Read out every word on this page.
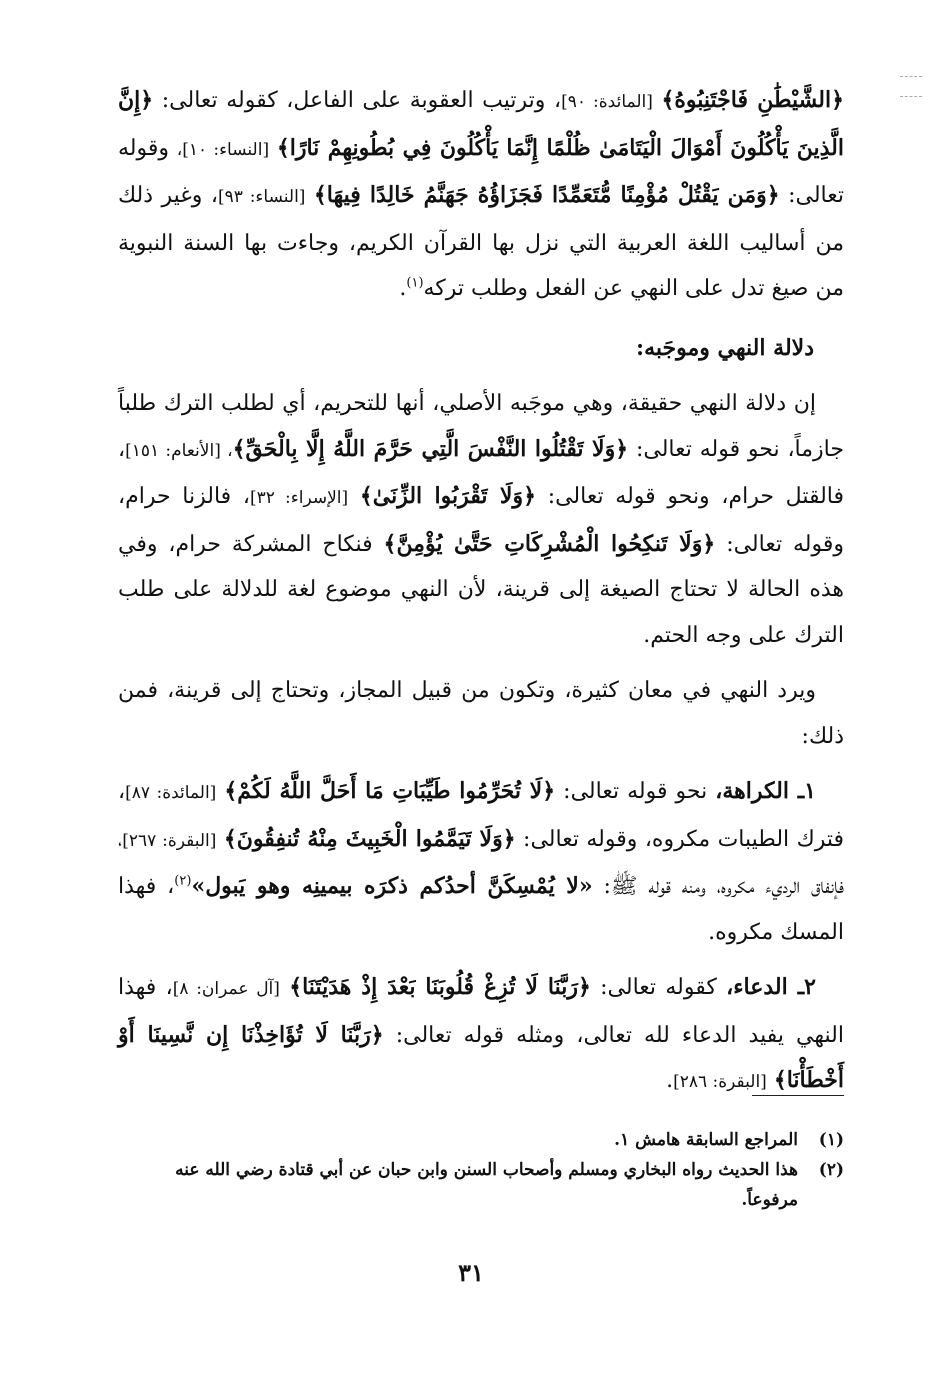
﴿الشَّيْطَٰنِ فَاجْتَنِبُوهُ﴾ [المائدة: ٩٠]، وترتيب العقوبة على الفاعل، كقوله تعالى: ﴿إِنَّ الَّذِينَ يَأْكُلُونَ أَمْوَالَ الْيَتَامَىٰ ظُلْمًا إِنَّمَا يَأْكُلُونَ فِي بُطُونِهِمْ نَارًا﴾ [النساء: ١٠]، وقوله تعالى: ﴿وَمَن يَقْتُلْ مُؤْمِنًا مُّتَعَمِّدًا فَجَزَاؤُهُ جَهَنَّمُ خَالِدًا فِيهَا﴾ [النساء: ٩٣]، وغير ذلك من أساليب اللغة العربية التي نزل بها القرآن الكريم، وجاءت بها السنة النبوية من صيغ تدل على النهي عن الفعل وطلب تركه$^{(١)}$.

دلالة النهي وموجَبه:

إن دلالة النهي حقيقة، وهي موجَبه الأصلي، أنها للتحريم، أي لطلب الترك طلباً جازماً، نحو قوله تعالى: ﴿وَلَا تَقْتُلُوا النَّفْسَ الَّتِي حَرَّمَ اللَّهُ إِلَّا بِالْحَقِّ﴾، [الأنعام: ١٥١]، فالقتل حرام، ونحو قوله تعالى: ﴿وَلَا تَقْرَبُوا الزِّنَىٰ﴾ [الإسراء: ٣٢]، فالزنا حرام، وقوله تعالى: ﴿وَلَا تَنكِحُوا الْمُشْرِكَاتِ حَتَّىٰ يُؤْمِنَّ﴾ فنكاح المشركة حرام، وفي هذه الحالة لا تحتاج الصيغة إلى قرينة، لأن النهي موضوع لغة للدلالة على طلب الترك على وجه الحتم.

ويرد النهي في معان كثيرة، وتكون من قبيل المجاز، وتحتاج إلى قرينة، فمن ذلك:

١ـ الكراهة، نحو قوله تعالى: ﴿لَا تُحَرِّمُوا طَيِّبَاتِ مَا أَحَلَّ اللَّهُ لَكُمْ﴾ [المائدة: ٨٧]، فترك الطيبات مكروه، وقوله تعالى: ﴿وَلَا تَيَمَّمُوا الْخَبِيثَ مِنْهُ تُنفِقُونَ﴾ [البقرة: ٢٦٧]، فإنفاق الرديء مكروه، ومنه قوله ﷺ: «لا يُمْسِكَنَّ أحدُكم ذكرَه بيمينِه وهو يَبول»$^{(٢)}$، فهذا المسك مكروه.

٢ـ الدعاء، كقوله تعالى: ﴿رَبَّنَا لَا تُزِغْ قُلُوبَنَا بَعْدَ إِذْ هَدَيْتَنَا﴾ [آل عمران: ٨]، فهذا النهي يفيد الدعاء لله تعالى، ومثله قوله تعالى: ﴿رَبَّنَا لَا تُؤَاخِذْنَا إِن نَّسِينَا أَوْ أَخْطَأْنَا﴾ [البقرة: ٢٨٦].

(١)
المراجع السابقة هامش ١.
(٢)
هذا الحديث رواه البخاري ومسلم وأصحاب السنن وابن حبان عن أبي قتادة رضي الله عنه مرفوعاً.
٣١
